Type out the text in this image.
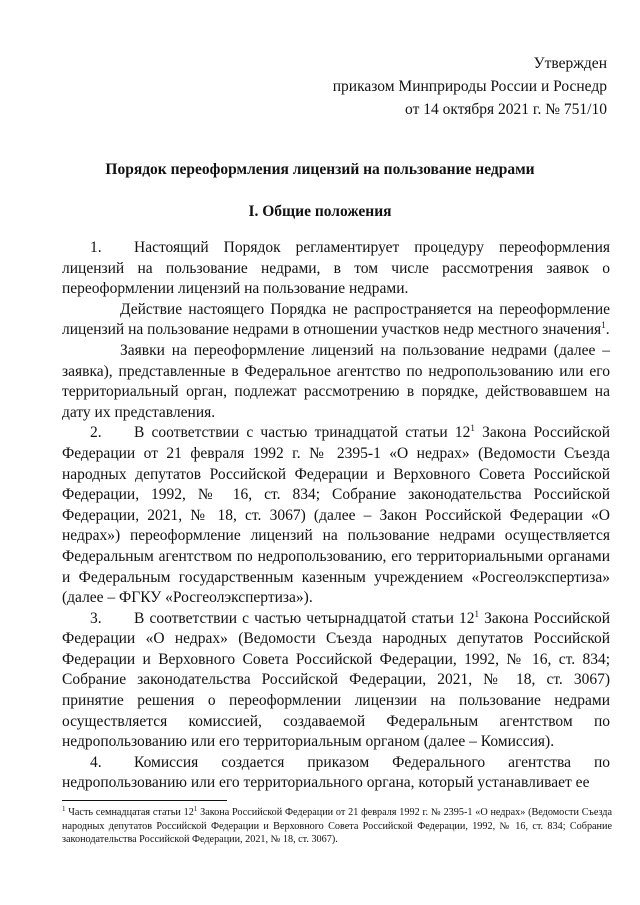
Утвержден
приказом Минприроды России и Роснедр
от 14 октября 2021 г. № 751/10
Порядок переоформления лицензий на пользование недрами
I. Общие положения

1. Настоящий Порядок регламентирует процедуру переоформления лицензий на пользование недрами, в том числе рассмотрения заявок о переоформлении лицензий на пользование недрами.

Действие настоящего Порядка не распространяется на переоформление лицензий на пользование недрами в отношении участков недр местного значения$^1$.

Заявки на переоформление лицензий на пользование недрами (далее – заявка), представленные в Федеральное агентство по недропользованию или его территориальный орган, подлежат рассмотрению в порядке, действовавшем на дату их представления.

2. В соответствии с частью тринадцатой статьи $12^1$ Закона Российской Федерации от 21 февраля 1992 г. № 2395-1 «О недрах» (Ведомости Съезда народных депутатов Российской Федерации и Верховного Совета Российской Федерации, 1992, № 16, ст. 834; Собрание законодательства Российской Федерации, 2021, № 18, ст. 3067) (далее – Закон Российской Федерации «О недрах») переоформление лицензий на пользование недрами осуществляется Федеральным агентством по недропользованию, его территориальными органами и Федеральным государственным казенным учреждением «Росгеолэкспертиза» (далее – ФГКУ «Росгеолэкспертиза»).

3. В соответствии с частью четырнадцатой статьи $12^1$ Закона Российской Федерации «О недрах» (Ведомости Съезда народных депутатов Российской Федерации и Верховного Совета Российской Федерации, 1992, № 16, ст. 834; Собрание законодательства Российской Федерации, 2021, № 18, ст. 3067) принятие решения о переоформлении лицензии на пользование недрами осуществляется комиссией, создаваемой Федеральным агентством по недропользованию или его территориальным органом (далее – Комиссия).

4. Комиссия создается приказом Федерального агентства по недропользованию или его территориального органа, который устанавливает ее

$^1$ Часть семнадцатая статьи $12^1$ Закона Российской Федерации от 21 февраля 1992 г. № 2395-1 «О недрах» (Ведомости Съезда народных депутатов Российской Федерации и Верховного Совета Российской Федерации, 1992, № 16, ст. 834; Собрание законодательства Российской Федерации, 2021, № 18, ст. 3067).
